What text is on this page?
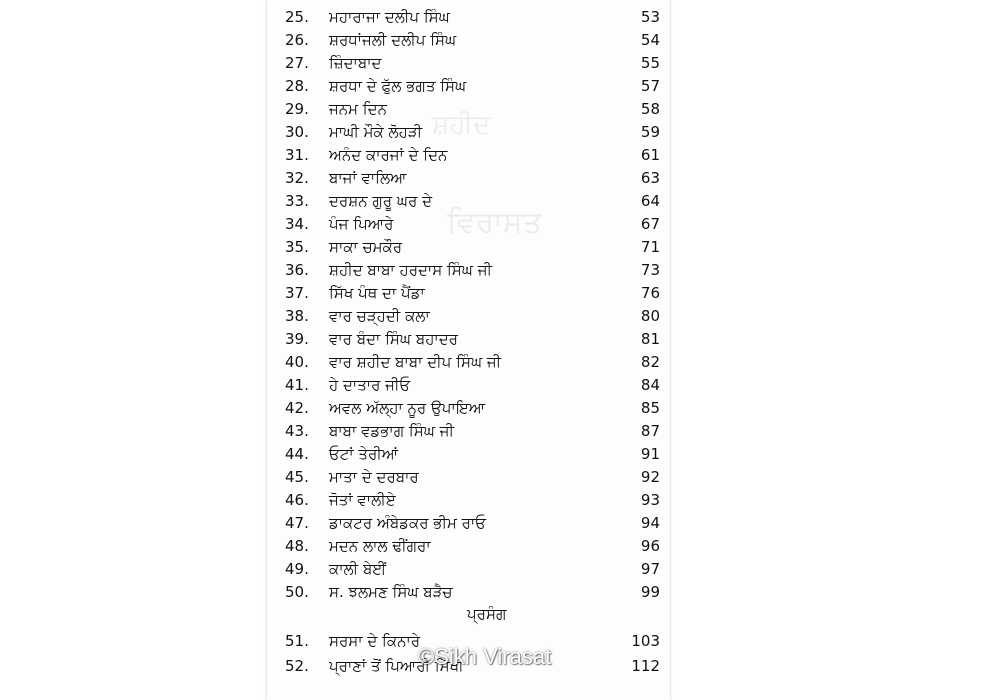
ਸ਼ਹੀਦ
ਵਿਰਾਸਤ
25.	ਮਹਾਰਾਜਾ ਦਲੀਪ ਸਿੰਘ	53
26.	ਸ਼ਰਧਾਂਜਲੀ ਦਲੀਪ ਸਿੰਘ	54
27.	ਜ਼ਿੰਦਾਬਾਦ	55
28.	ਸ਼ਰਧਾ ਦੇ ਫੁੱਲ ਭਗਤ ਸਿੰਘ	57
29.	ਜਨਮ ਦਿਨ	58
30.	ਮਾਘੀ ਮੌਕੇ ਲੋਹੜੀ	59
31.	ਅਨੰਦ ਕਾਰਜਾਂ ਦੇ ਦਿਨ	61
32.	ਬਾਜਾਂ ਵਾਲਿਆ	63
33.	ਦਰਸ਼ਨ ਗੁਰੂ ਘਰ ਦੇ	64
34.	ਪੰਜ ਪਿਆਰੇ	67
35.	ਸਾਕਾ ਚਮਕੌਰ	71
36.	ਸ਼ਹੀਦ ਬਾਬਾ ਹਰਦਾਸ ਸਿੰਘ ਜੀ	73
37.	ਸਿੱਖ ਪੰਥ ਦਾ ਪੈਂਡਾ	76
38.	ਵਾਰ ਚੜ੍ਹਦੀ ਕਲਾ	80
39.	ਵਾਰ ਬੰਦਾ ਸਿੰਘ ਬਹਾਦਰ	81
40.	ਵਾਰ ਸ਼ਹੀਦ ਬਾਬਾ ਦੀਪ ਸਿੰਘ ਜੀ	82
41.	ਹੇ ਦਾਤਾਰ ਜੀਓ	84
42.	ਅਵਲ ਅੱਲ੍ਹਾ ਨੂਰ ਉਪਾਇਆ	85
43.	ਬਾਬਾ ਵਡਭਾਗ ਸਿੰਘ ਜੀ	87
44.	ਓਟਾਂ ਤੇਰੀਆਂ	91
45.	ਮਾਤਾ ਦੇ ਦਰਬਾਰ	92
46.	ਜੋਤਾਂ ਵਾਲੀਏ	93
47.	ਡਾਕਟਰ ਅੰਬੇਡਕਰ ਭੀਮ ਰਾਓ	94
48.	ਮਦਨ ਲਾਲ ਢੀਂਗਰਾ	96
49.	ਕਾਲੀ ਬੇਈਂ	97
50.	ਸ. ਝਲਮਣ ਸਿੰਘ ਬੜੈਚ	99
ਪ੍ਰਸੰਗ
51.	ਸਰਸਾ ਦੇ ਕਿਨਾਰੇ	103
52.	ਪ੍ਰਾਣਾਂ ਤੋਂ ਪਿਆਰੀ ਸਿੱਖੀ	112
©Sikh Virasat
